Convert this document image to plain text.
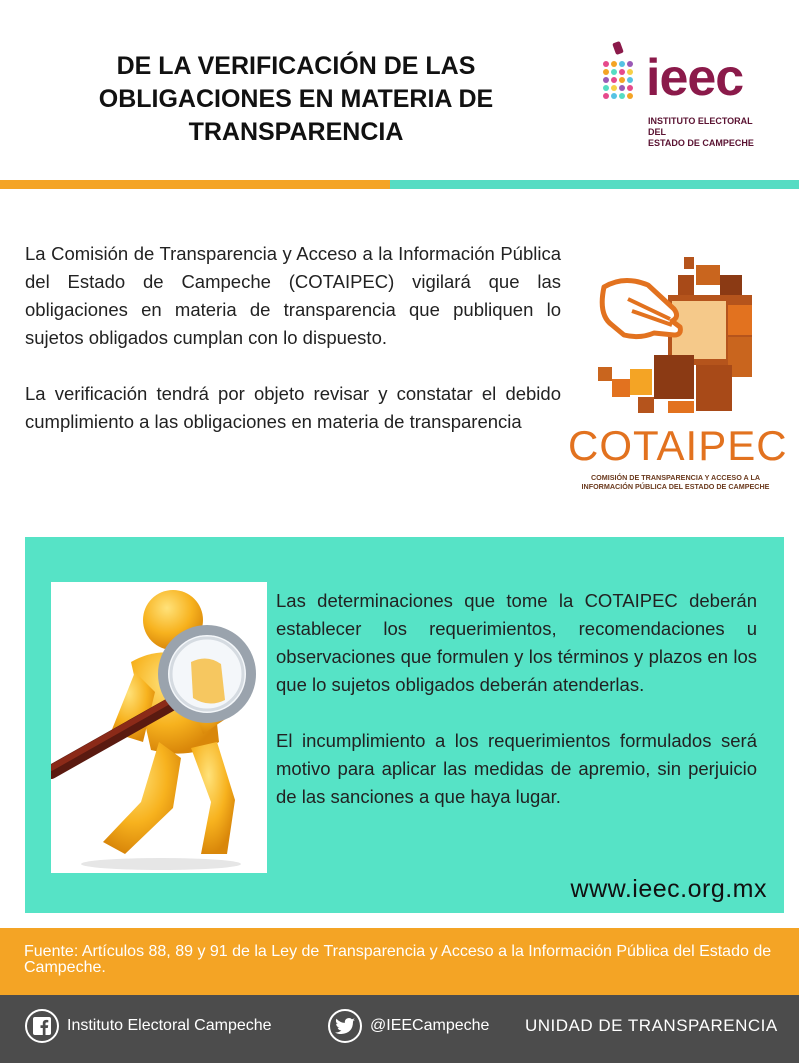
DE LA VERIFICACIÓN DE LAS
OBLIGACIONES EN MATERIA DE
TRANSPARENCIA
ieec
INSTITUTO ELECTORAL DEL
ESTADO DE CAMPECHE

La Comisión de Transparencia y Acceso a la Información Pública del Estado de Campeche (COTAIPEC) vigilará que las obligaciones en materia de transparencia que publiquen lo sujetos obligados cumplan con lo dispuesto.

La verificación tendrá por objeto revisar y constatar el debido cumplimiento a las obligaciones en materia de transparencia

COTAIPEC
COMISIÓN DE TRANSPARENCIA Y ACCESO A LA
INFORMACIÓN PÚBLICA DEL ESTADO DE CAMPECHE

Las determinaciones que tome la COTAIPEC deberán establecer los requerimientos, recomendaciones u observaciones que formulen y los términos y plazos en los que lo sujetos obligados deberán atenderlas.

El incumplimiento a los requerimientos formulados será motivo para aplicar las medidas de apremio, sin perjuicio de las sanciones a que haya lugar.

www.ieec.org.mx
Fuente: Artículos 88, 89 y 91 de la Ley de Transparencia y Acceso a la Información Pública del Estado de Campeche.
Instituto Electoral Campeche	@IEECampeche UNIDAD DE TRANSPARENCIA
